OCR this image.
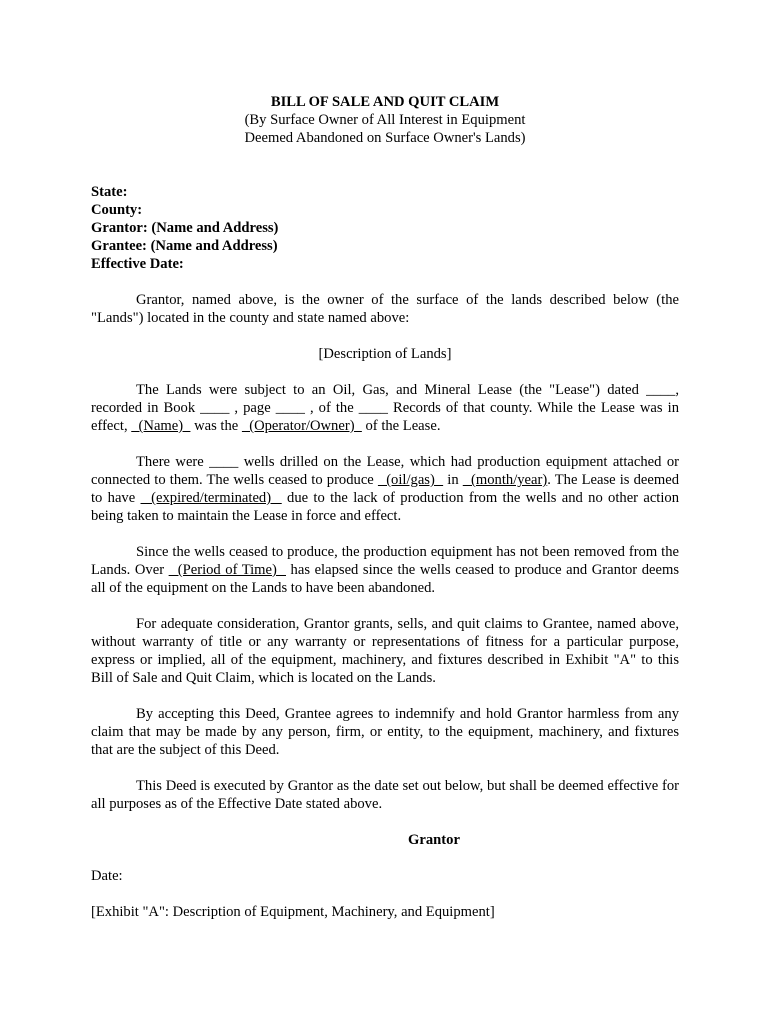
BILL OF SALE AND QUIT CLAIM
(By Surface Owner of All Interest in Equipment
Deemed Abandoned on Surface Owner's Lands)
State:
County:
Grantor: (Name and Address)
Grantee: (Name and Address)
Effective Date:

Grantor, named above, is the owner of the surface of the lands described below (the "Lands") located in the county and state named above:

[Description of Lands]

The Lands were subject to an Oil, Gas, and Mineral Lease (the "Lease") dated ____, recorded in Book ____ , page ____ , of the ____ Records of that county. While the Lease was in effect,   (Name)   was the   (Operator/Owner)   of the Lease.

There were ____ wells drilled on the Lease, which had production equipment attached or connected to them. The wells ceased to produce   (oil/gas)   in   (month/year). The Lease is deemed to have   (expired/terminated)   due to the lack of production from the wells and no other action being taken to maintain the Lease in force and effect.

Since the wells ceased to produce, the production equipment has not been removed from the Lands. Over   (Period of Time)   has elapsed since the wells ceased to produce and Grantor deems all of the equipment on the Lands to have been abandoned.

For adequate consideration, Grantor grants, sells, and quit claims to Grantee, named above, without warranty of title or any warranty or representations of fitness for a particular purpose, express or implied, all of the equipment, machinery, and fixtures described in Exhibit "A" to this Bill of Sale and Quit Claim, which is located on the Lands.

By accepting this Deed, Grantee agrees to indemnify and hold Grantor harmless from any claim that may be made by any person, firm, or entity, to the equipment, machinery, and fixtures that are the subject of this Deed.

This Deed is executed by Grantor as the date set out below, but shall be deemed effective for all purposes as of the Effective Date stated above.

Grantor
Date:
[Exhibit "A": Description of Equipment, Machinery, and Equipment]
